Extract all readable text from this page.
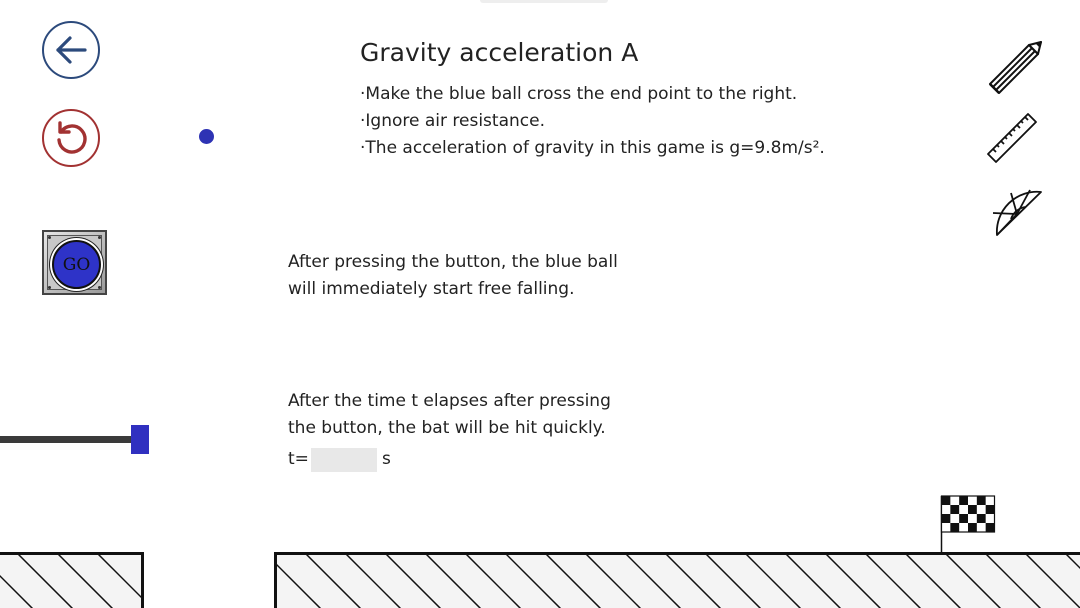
GO
Gravity acceleration A
·Make the blue ball cross the end point to the right.
·Ignore air resistance.
·The acceleration of gravity in this game is g=9.8m/s².
After pressing the button, the blue ball
will immediately start free falling.
After the time t elapses after pressing
the button, the bat will be hit quickly.
t=	s
